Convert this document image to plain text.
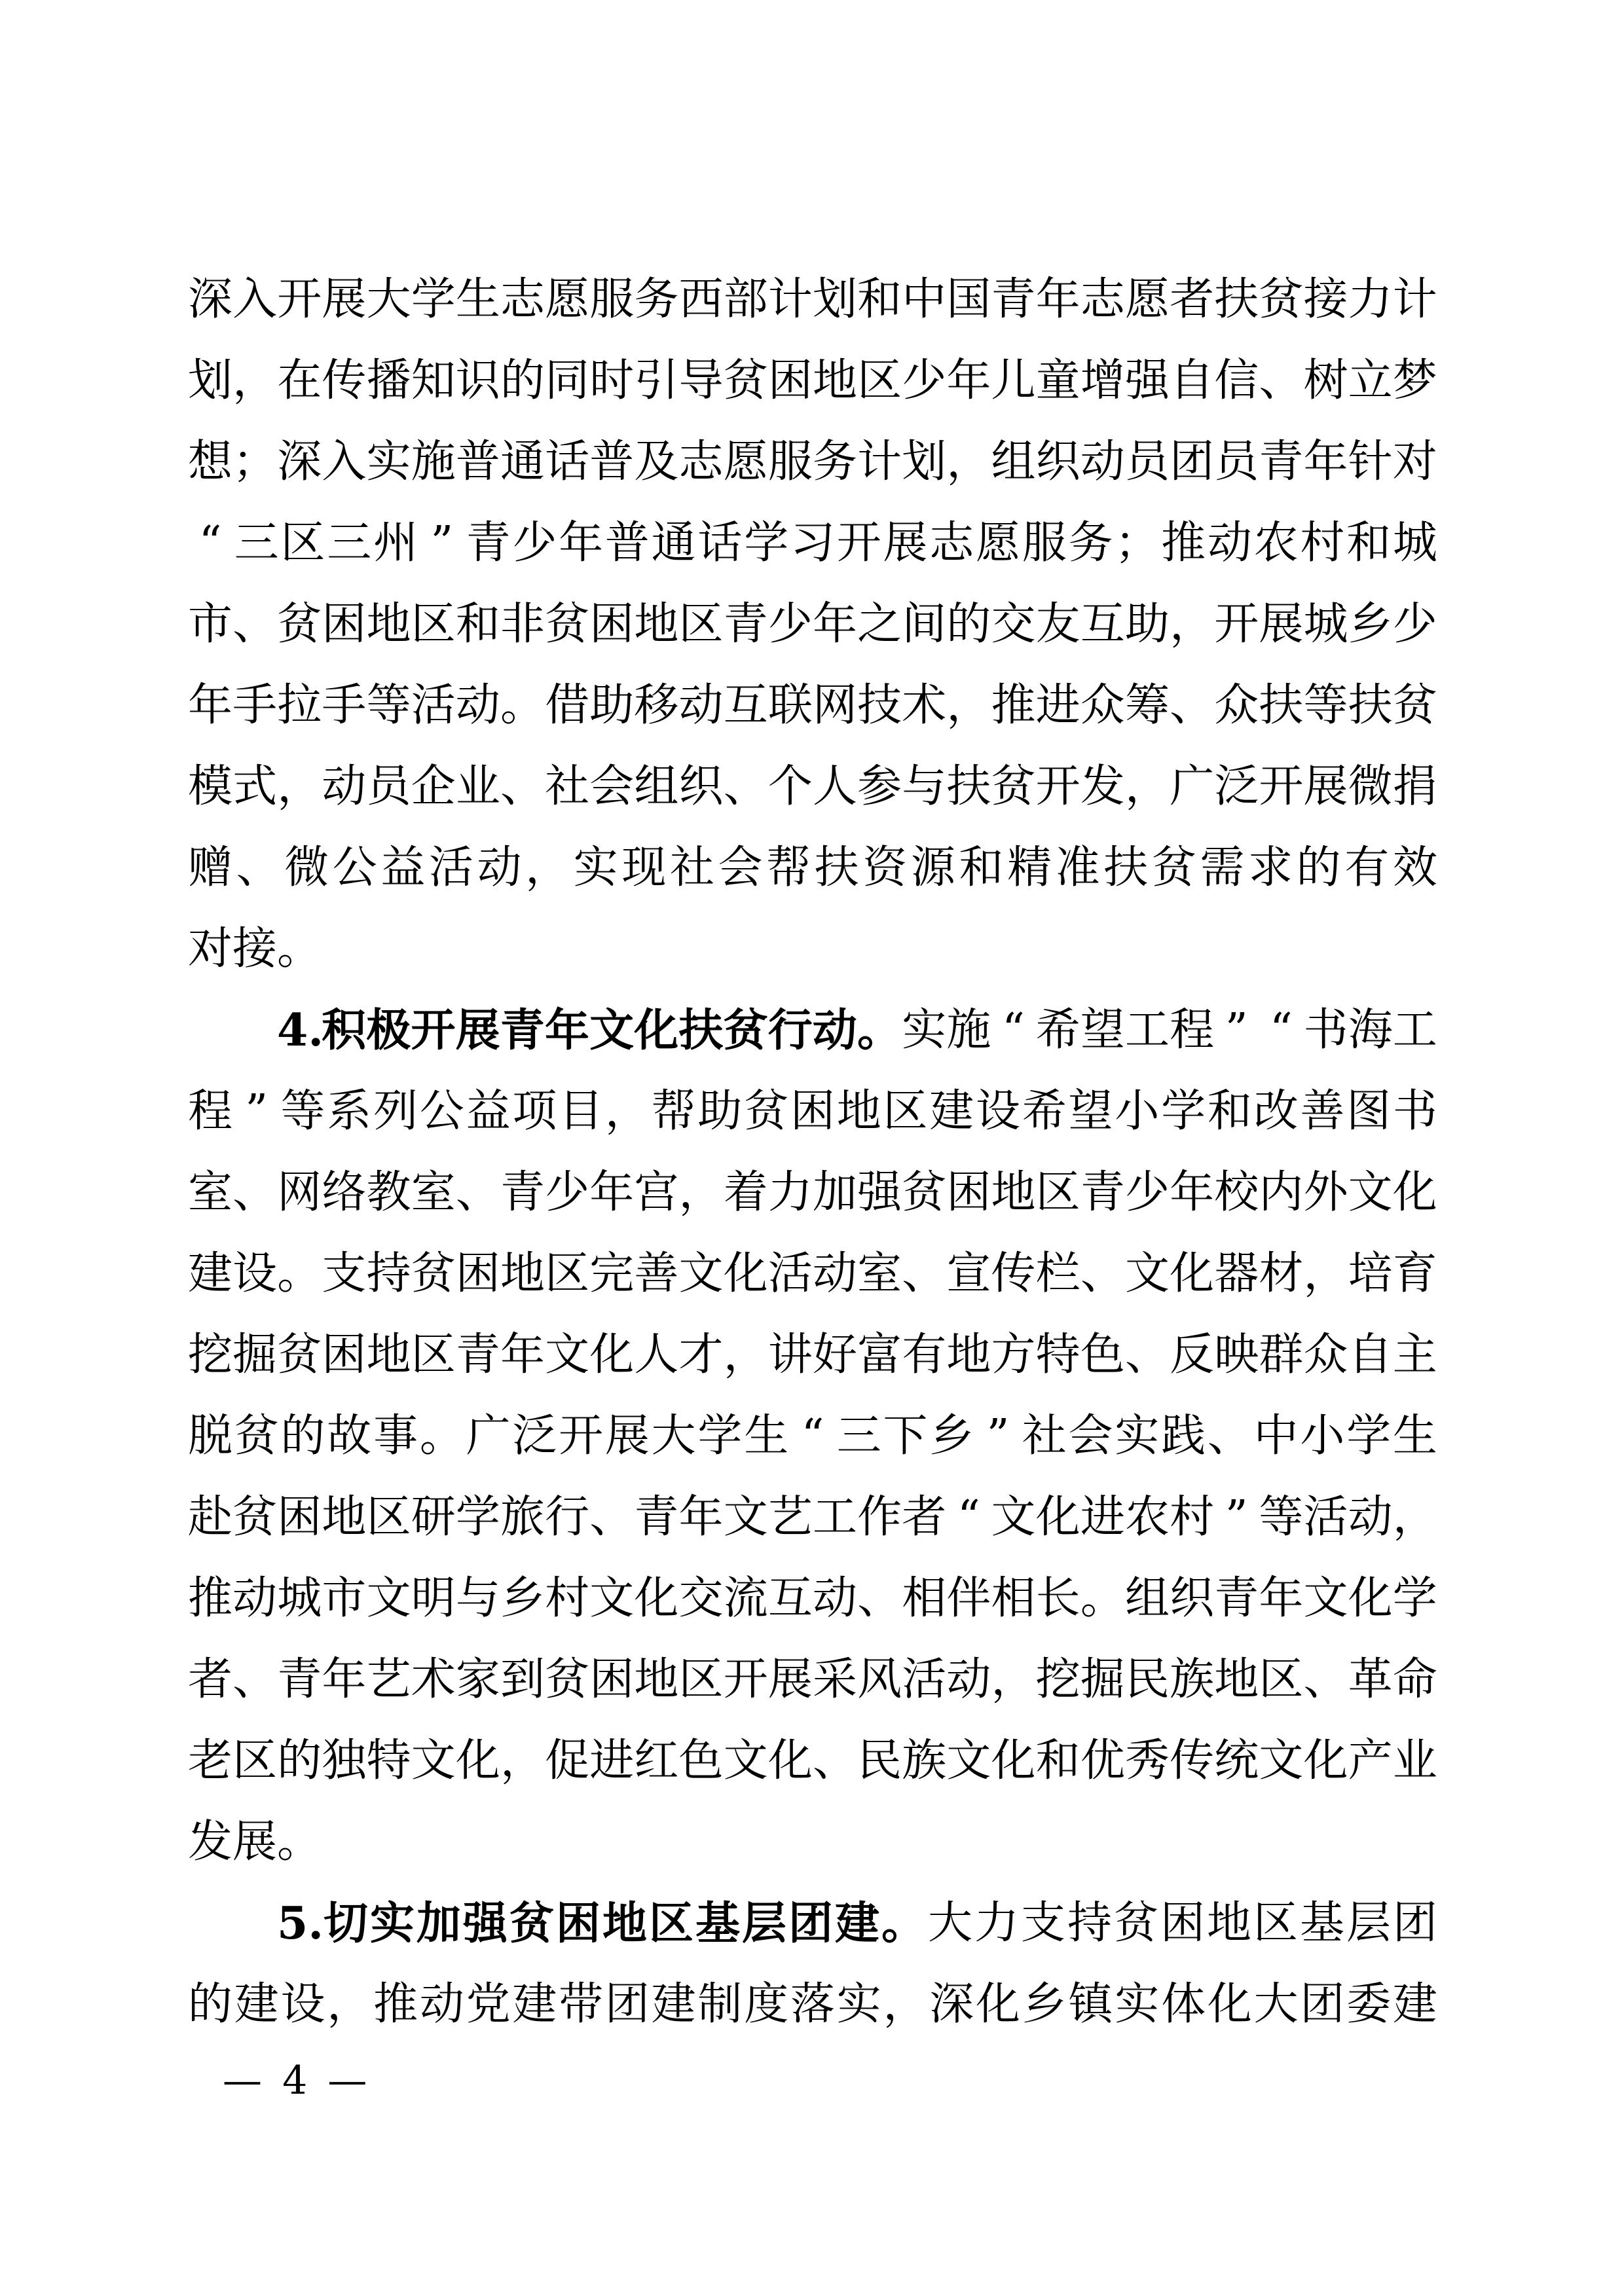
深 入 开 展 大 学 生 志 愿 服 务 西 部 计 划 和 中 国 青 年 志 愿 者 扶 贫 接 力 计
划 ， 在 传 播 知 识 的 同 时 引 导 贫 困 地 区 少 年 儿 童 增 强 自 信 、 树 立 梦
想 ； 深 入 实 施 普 通 话 普 及 志 愿 服 务 计 划 ， 组 织 动 员 团 员 青 年 针 对
“ 三 区 三 州 ” 青 少 年 普 通 话 学 习 开 展 志 愿 服 务 ； 推 动 农 村 和 城
市 、 贫 困 地 区 和 非 贫 困 地 区 青 少 年 之 间 的 交 友 互 助 ， 开 展 城 乡 少
年 手 拉 手 等 活 动 。 借 助 移 动 互 联 网 技 术 ， 推 进 众 筹 、 众 扶 等 扶 贫
模 式 ， 动 员 企 业 、 社 会 组 织 、 个 人 参 与 扶 贫 开 发 ， 广 泛 开 展 微 捐
赠 、 微 公 益 活 动 ， 实 现 社 会 帮 扶 资 源 和 精 准 扶 贫 需 求 的 有 效
对 接 。
4.
积 极 开 展 青 年 文 化 扶 贫 行 动 。 实 施 “ 希 望 工 程 ” “ 书 海 工
程 ” 等 系 列 公 益 项 目 ， 帮 助 贫 困 地 区 建 设 希 望 小 学 和 改 善 图 书
室 、 网 络 教 室 、 青 少 年 宫 ， 着 力 加 强 贫 困 地 区 青 少 年 校 内 外 文 化
建 设 。 支 持 贫 困 地 区 完 善 文 化 活 动 室 、 宣 传 栏 、 文 化 器 材 ， 培 育
挖 掘 贫 困 地 区 青 年 文 化 人 才 ， 讲 好 富 有 地 方 特 色 、 反 映 群 众 自 主
脱 贫 的 故 事 。 广 泛 开 展 大 学 生 “ 三 下 乡 ” 社 会 实 践 、 中 小 学 生
赴 贫 困 地 区 研 学 旅 行 、 青 年 文 艺 工 作 者 “ 文 化 进 农 村 ” 等 活 动 ，
推 动 城 市 文 明 与 乡 村 文 化 交 流 互 动 、 相 伴 相 长 。 组 织 青 年 文 化 学
者 、 青 年 艺 术 家 到 贫 困 地 区 开 展 采 风 活 动 ， 挖 掘 民 族 地 区 、 革 命
老 区 的 独 特 文 化 ， 促 进 红 色 文 化 、 民 族 文 化 和 优 秀 传 统 文 化 产 业
发 展 。
5. 切 实 加 强 贫 困 地 区 基 层 团 建 。 大 力 支 持 贫 困 地 区 基 层 团
的 建 设 ， 推 动 党 建 带 团 建 制 度 落 实 ， 深 化 乡 镇 实 体 化 大 团 委 建
— 4 —
